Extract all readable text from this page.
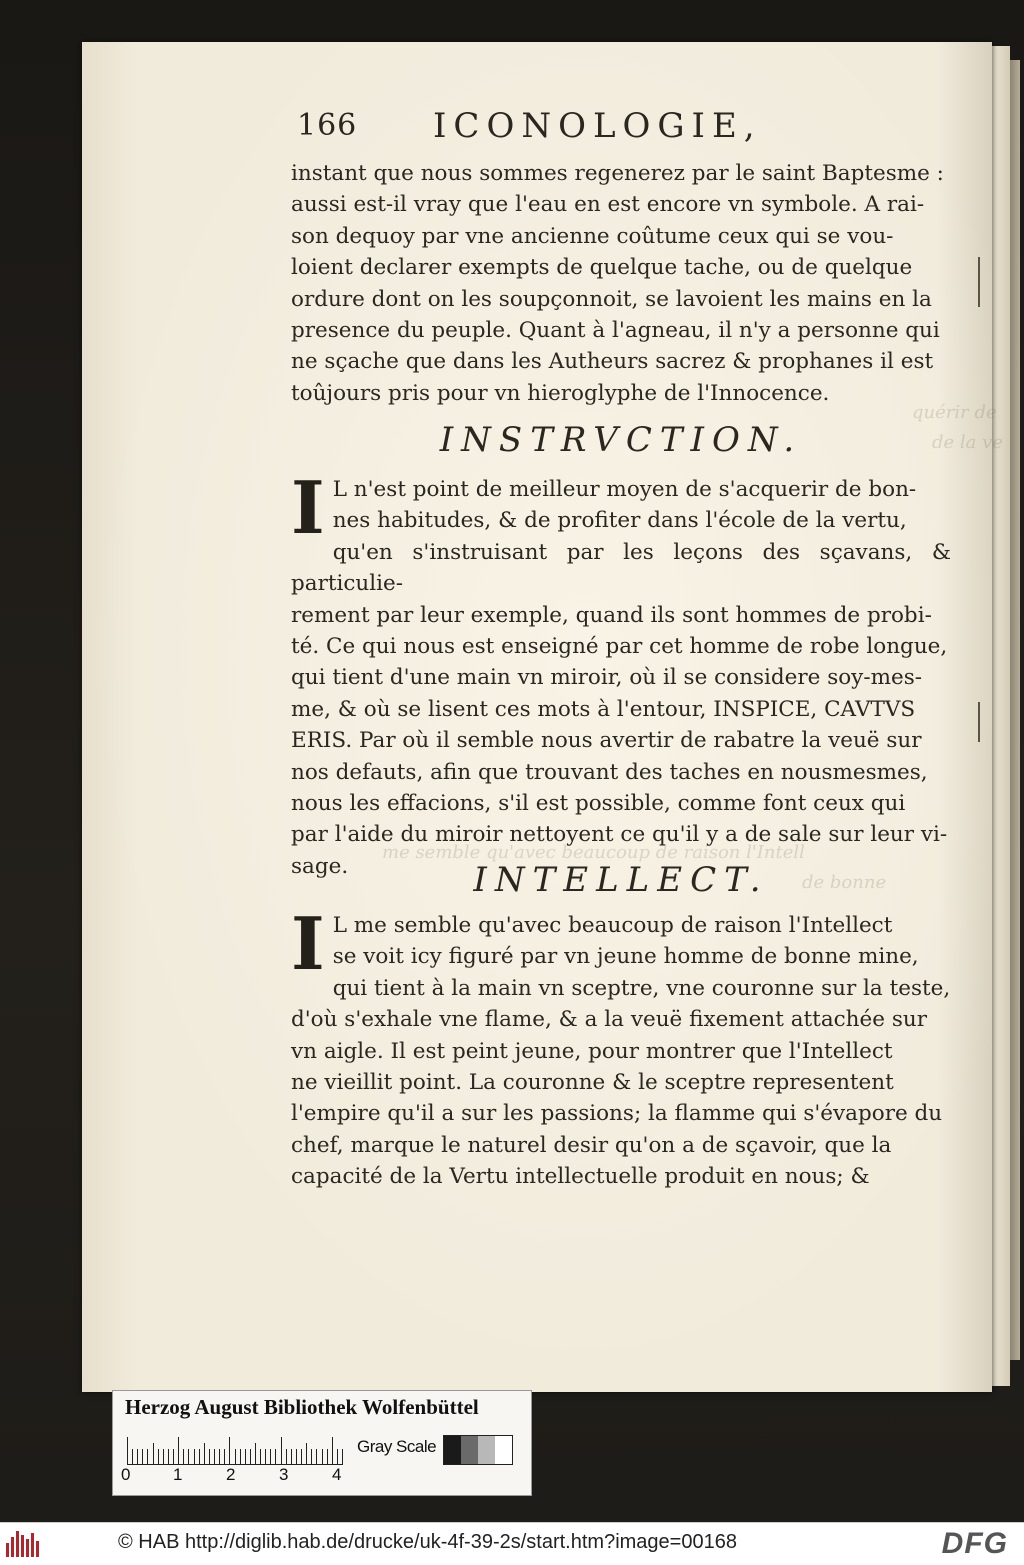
quérir de
de la ve
me semble qu'avec beaucoup de raison l'Intell
de bonne
166 ICONOLOGIE,

instant que nous sommes regenerez par le saint Baptesme :

aussi est-il vray que l'eau en est encore vn symbole. A rai-

son dequoy par vne ancienne coûtume ceux qui se vou-

loient declarer exempts de quelque tache, ou de quelque

ordure dont on les soupçonnoit, se lavoient les mains en la

presence du peuple. Quant à l'agneau, il n'y a personne qui

ne sçache que dans les Autheurs sacrez & prophanes il est

toûjours pris pour vn hieroglyphe de l'Innocence.

INSTRVCTION.
I L n'est point de meilleur moyen de s'acquerir de bon-

nes habitudes, & de profiter dans l'école de la vertu,

qu'en s'instruisant par les leçons des sçavans, & particulie-

rement par leur exemple, quand ils sont hommes de probi-

té. Ce qui nous est enseigné par cet homme de robe longue,

qui tient d'une main vn miroir, où il se considere soy-mes-

me, & où se lisent ces mots à l'entour, INSPICE, CAVTVS

ERIS. Par où il semble nous avertir de rabatre la veuë sur

nos defauts, afin que trouvant des taches en nousmesmes,

nous les effacions, s'il est possible, comme font ceux qui

par l'aide du miroir nettoyent ce qu'il y a de sale sur leur vi-

sage.	INTELLECT.
I L me semble qu'avec beaucoup de raison l'Intellect

se voit icy figuré par vn jeune homme de bonne mine,

qui tient à la main vn sceptre, vne couronne sur la teste,

d'où s'exhale vne flame, & a la veuë fixement attachée sur

vn aigle. Il est peint jeune, pour montrer que l'Intellect

ne vieillit point. La couronne & le sceptre representent

l'empire qu'il a sur les passions; la flamme qui s'évapore du

chef, marque le naturel desir qu'on a de sçavoir, que la

capacité de la Vertu intellectuelle produit en nous; &

Herzog August Bibliothek Wolfenbüttel
0	1	2	3	4
Gray Scale
© HAB http://diglib.hab.de/drucke/uk-4f-39-2s/start.htm?image=00168	DFG
